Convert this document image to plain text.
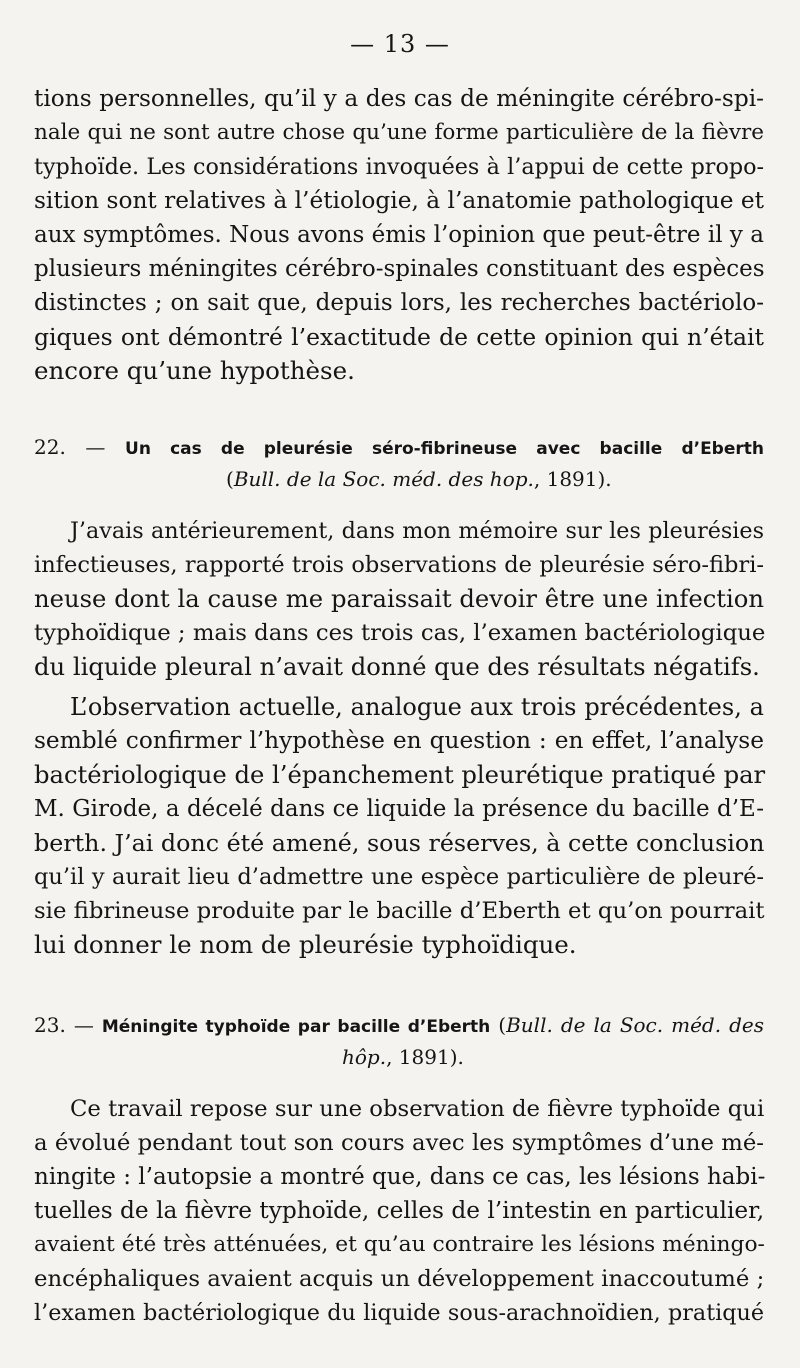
— 13 —
tions personnelles, qu’il y a des cas de méningite cérébro-spi-
nale qui ne sont autre chose qu’une forme particulière de la fièvre
typhoïde. Les considérations invoquées à l’appui de cette propo-
sition sont relatives à l’étiologie, à l’anatomie pathologique et
aux symptômes. Nous avons émis l’opinion que peut-être il y a
plusieurs méningites cérébro-spinales constituant des espèces
distinctes ; on sait que, depuis lors, les recherches bactériolo-
giques ont démontré l’exactitude de cette opinion qui n’était
encore qu’une hypothèse.
22. — Un cas de pleurésie séro-fibrineuse avec bacille d’Eberth
(Bull. de la Soc. méd. des hop., 1891).
J’avais antérieurement, dans mon mémoire sur les pleurésies
infectieuses, rapporté trois observations de pleurésie séro-fibri-
neuse dont la cause me paraissait devoir être une infection
typhoïdique ; mais dans ces trois cas, l’examen bactériologique
du liquide pleural n’avait donné que des résultats négatifs.
L’observation actuelle, analogue aux trois précédentes, a
semblé confirmer l’hypothèse en question : en effet, l’analyse
bactériologique de l’épanchement pleurétique pratiqué par
M. Girode, a décelé dans ce liquide la présence du bacille d’E-
berth. J’ai donc été amené, sous réserves, à cette conclusion
qu’il y aurait lieu d’admettre une espèce particulière de pleuré-
sie fibrineuse produite par le bacille d’Eberth et qu’on pourrait
lui donner le nom de pleurésie typhoïdique.
23. — Méningite typhoïde par bacille d’Eberth (Bull. de la Soc. méd. des
hôp., 1891).
Ce travail repose sur une observation de fièvre typhoïde qui
a évolué pendant tout son cours avec les symptômes d’une mé-
ningite : l’autopsie a montré que, dans ce cas, les lésions habi-
tuelles de la fièvre typhoïde, celles de l’intestin en particulier,
avaient été très atténuées, et qu’au contraire les lésions méningo-
encéphaliques avaient acquis un développement inaccoutumé ;
l’examen bactériologique du liquide sous-arachnoïdien, pratiqué
